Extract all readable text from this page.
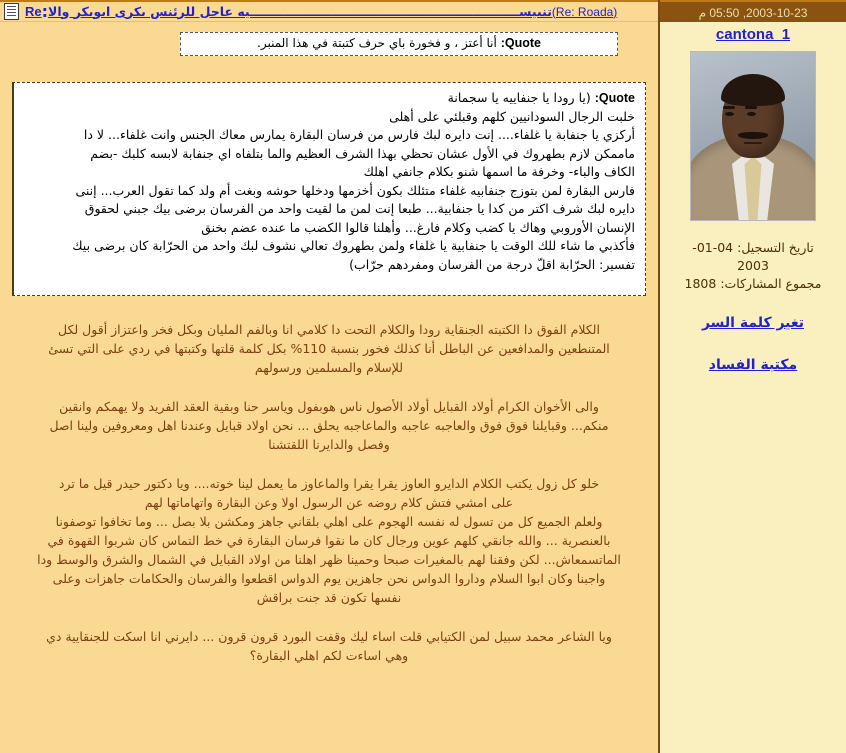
Re : تنبيســـــــــــــــــــــــــــــــــــــــــــــــــــــــــــــــيه عاجل للرئنس بكرى ابوبكر والا (Re: Roada)
Quote: أنا أعتز ، و فخورة باي حرف كتبتة في هذا المنبر.
Quote: (يا رودا يا جنفاييه يا سجمانة
خلبت الرجال السودانيين كلهم وقبلئي على أهلى
أركزي يا جنفابة يا غلفاء.... إنت دايره لبك فارس من فرسان البقارة يمارس معاك الجنس وانت غلفاء... لا دا
ماممكن لازم بطهروك في الأول عشان تحظي بهذا الشرف العظيم والما بتلفاه اي جنفابة لابسه كلبك -بضم
الكاف والباء- وخرفة ما اسمها شنو بكلام جانفي اهلك
فارس البقارة لمن بتوزج جنفابيه غلفاء متئلك بكون أخزمها ودخلها حوشه وبغت أم ولد كما تقول العرب... إننى
دايره لبك شرف اكتر من كدا يا جنفابية... طبعا إنت لمن ما لقيت واحد من الفرسان برضى بيك جبني لحقوق
الإنسان الأوروبي وهاك يا كضب وكلام فارغ... وأهلنا قالوا الكضب ما عنده عضم بخنق
فأكذبي ما شاء للك الوقت يا جنفابية يا غلفاء ولمن بطهروك تعالي نشوف لبك واحد من الحرّابة كان برضى بيك
تفسير: الحرّابة اقلّ درجة من الفرسان ومفردهم حرّاب)
الكلام الفوق دا الكتبته الجنقاية رودا والكلام التحت دا كلامي انا وبالفم المليان وبكل فخر واعتزاز أقول لكل
المتنطعين والمدافعين عن الباطل أنا كذلك فخور بنسبة 110% بكل كلمة قلتها وكتبتها في ردي على التي تسئ
للإسلام والمسلمين ورسولهم
والى الأخوان الكرام أولاد القبايل أولاد الأصول ناس هوبفول وياسر حنا وبقية العقد الفريد ولا يهمكم وانقين
منكم... وقبايلنا فوق فوق والعاجبه عاجبه والماعاجبه يحلق ... نحن اولاد قبايل وعندنا اهل ومعروفين ولينا اصل
وفصل والدايرنا اللقتشنا
خلو كل زول يكتب الكلام الدايرو العاوز يقرا يقرا والماعاوز ما يعمل لينا خوته.... ويا دكتور حيدر قيل ما ترد
على امشي فتش كلام روضه عن الرسول اولا وعن البقارة واتهاماتها لهم
ولعلم الجميع كل من تسول له نفسه الهجوم على اهلي بلقاني جاهز ومكشن بلا بصل ... وما تخافوا توصفونا
بالعنصرية ... والله جانقي كلهم عوين ورجال كان ما نقوا فرسان البقارة في خط التماس كان شربوا القهوة في
الماتسمعاش... لكن وفقنا لهم بالمغيرات صبحا وحمينا ظهر اهلنا من اولاد القبايل في الشمال والشرق والوسط ودا
واجبنا وكان ابوا السلام وداروا الدواس نحن جاهزين يوم الدواس اقطعوا والفرسان والحكامات جاهزات وعلى
نفسها تكون قد جنت براقش
ويا الشاعر محمد سبيل لمن الكتيابي قلت اساء ليك وقفت البورد قرون قرون ... دايرني انا اسكت للجنقايية دي
وهي اساءت لكم اهلي البقارة؟
2003-10-23, 05:50 م
cantona_1
تاريخ التسجيل: 04-01-
2003
مجموع المشاركات: 1808
تغير كلمة السر
مكتبة الفساد
